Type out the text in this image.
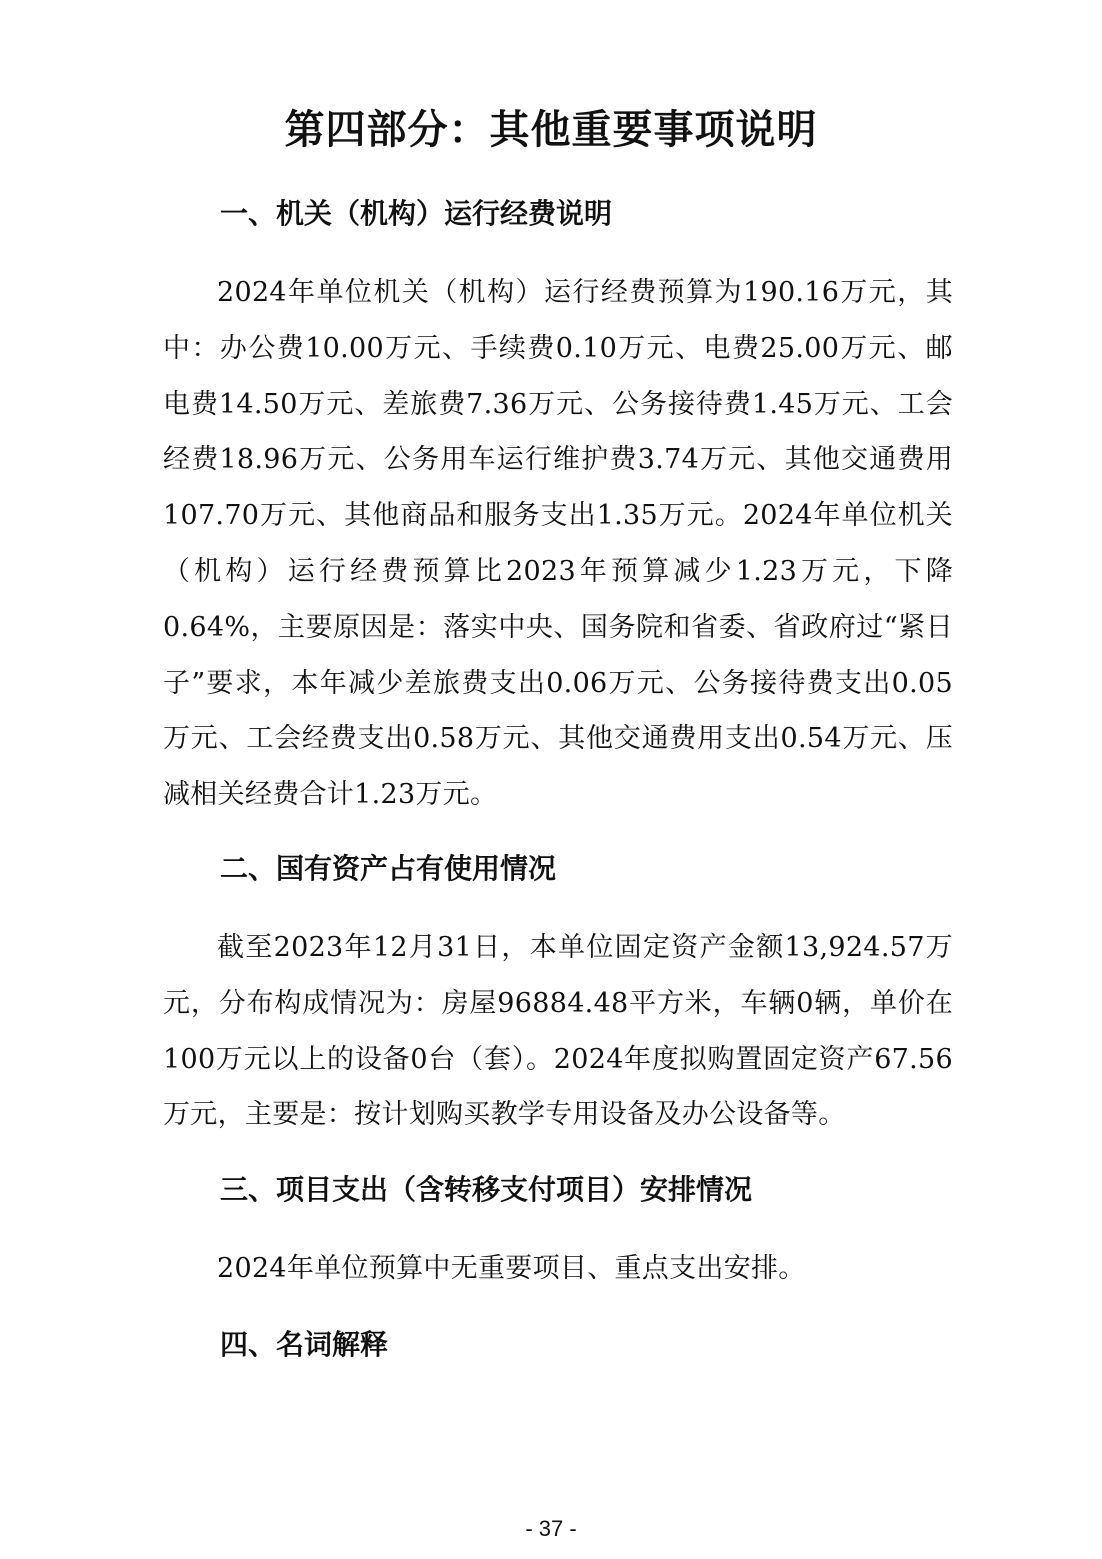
第四部分：其他重要事项说明
一、机关（机构）运行经费说明

2024年单位机关（机构）运行经费预算为190.16万元，其中：办公费10.00万元、手续费0.10万元、电费25.00万元、邮电费14.50万元、差旅费7.36万元、公务接待费1.45万元、工会经费18.96万元、公务用车运行维护费3.74万元、其他交通费用107.70万元、其他商品和服务支出1.35万元。2024年单位机关（机构）运行经费预算比2023年预算减少1.23万元，下降0.64%，主要原因是：落实中央、国务院和省委、省政府过“紧日子”要求，本年减少差旅费支出0.06万元、公务接待费支出0.05万元、工会经费支出0.58万元、其他交通费用支出0.54万元、压减相关经费合计1.23万元。

二、国有资产占有使用情况

截至2023年12月31日，本单位固定资产金额13,924.57万元，分布构成情况为：房屋96884.48平方米，车辆0辆，单价在100万元以上的设备0台（套）。2024年度拟购置固定资产67.56万元，主要是：按计划购买教学专用设备及办公设备等。

三、项目支出（含转移支付项目）安排情况

2024年单位预算中无重要项目、重点支出安排。

四、名词解释
- 37 -
